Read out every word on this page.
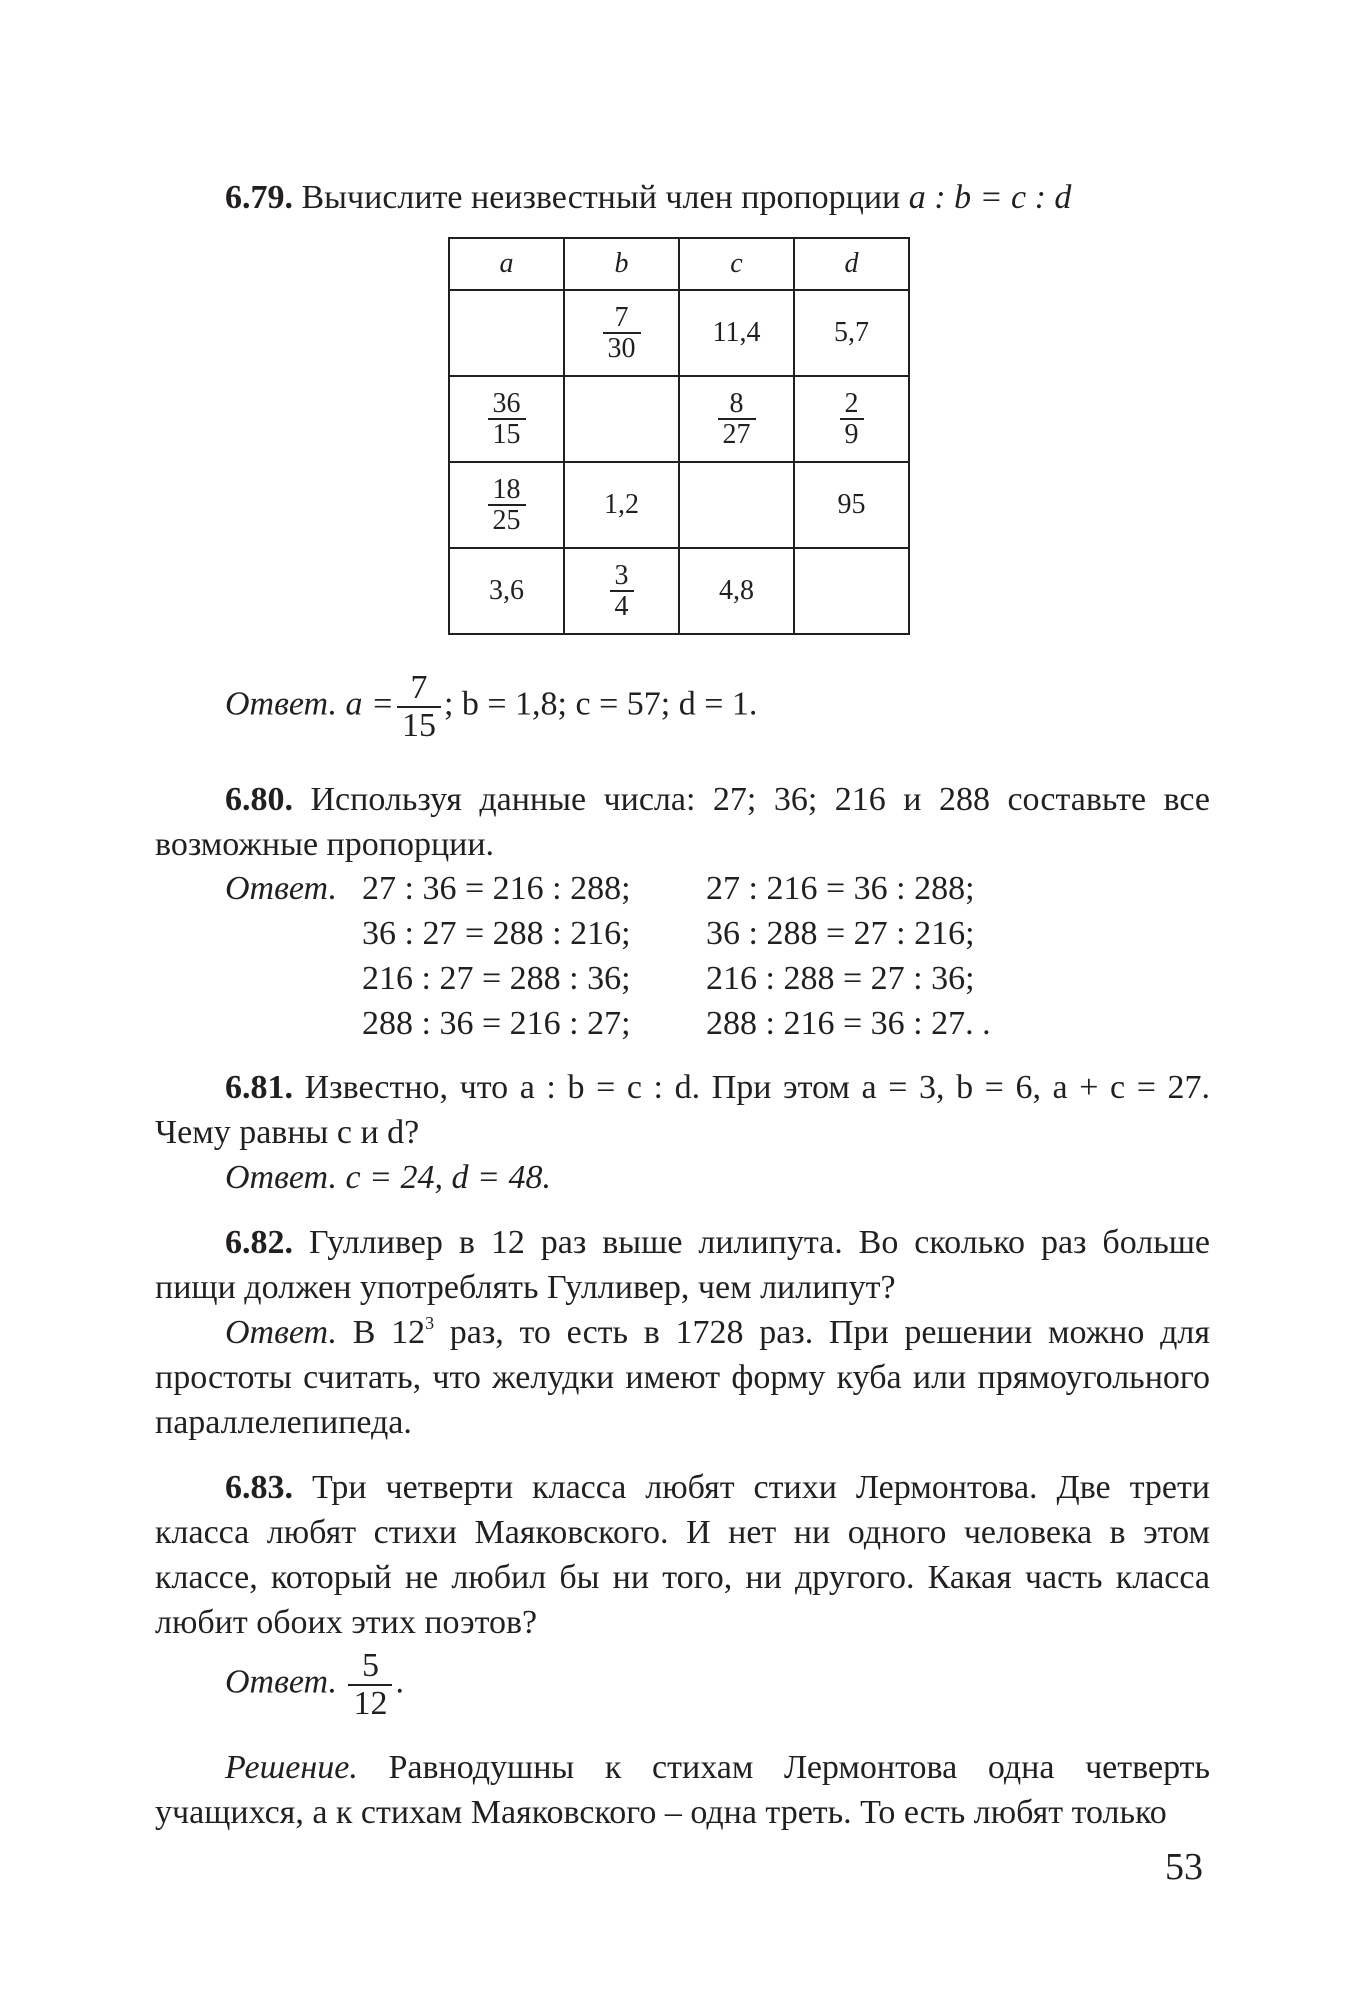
6.79. Вычислите неизвестный член пропорции a : b = c : d
a	b	c	d

	$\frac{7}{30}$	11,4	5,7

$\frac{36}{15}$		$\frac{8}{27}$	$\frac{2}{9}$

$\frac{18}{25}$	1,2		95
3,6	$\frac{3}{4}$	4,8	
Ответ. $a = \frac{7}{15}$ ; b = 1,8; c = 57; d = 1.
6.80. Используя данные числа: 27; 36; 216 и 288 составьте все возможные пропорции.
Ответ. 27 : 36 = 216 : 288;
36 : 27 = 288 : 216;
216 : 27 = 288 : 36;
288 : 36 = 216 : 27;
27 : 216 = 36 : 288;
36 : 288 = 27 : 216;
216 : 288 = 27 : 36;
288 : 216 = 36 : 27. .
6.81. Известно, что a : b = c : d. При этом a = 3, b = 6, a + c = 27. Чему равны c и d?
Ответ. c = 24, d = 48.
6.82. Гулливер в 12 раз выше лилипута. Во сколько раз больше пищи должен употреблять Гулливер, чем лилипут?
Ответ. В $12^3$ раз, то есть в 1728 раз. При решении можно для простоты считать, что желудки имеют форму куба или прямоугольного параллелепипеда.
6.83. Три четверти класса любят стихи Лермонтова. Две трети класса любят стихи Маяковского. И нет ни одного человека в этом классе, который не любил бы ни того, ни другого. Какая часть класса любит обоих этих поэтов?
Ответ. $\frac{5}{12}$ .
Решение. Равнодушны к стихам Лермонтова одна четверть учащихся, а к стихам Маяковского – одна треть. То есть любят только
53
